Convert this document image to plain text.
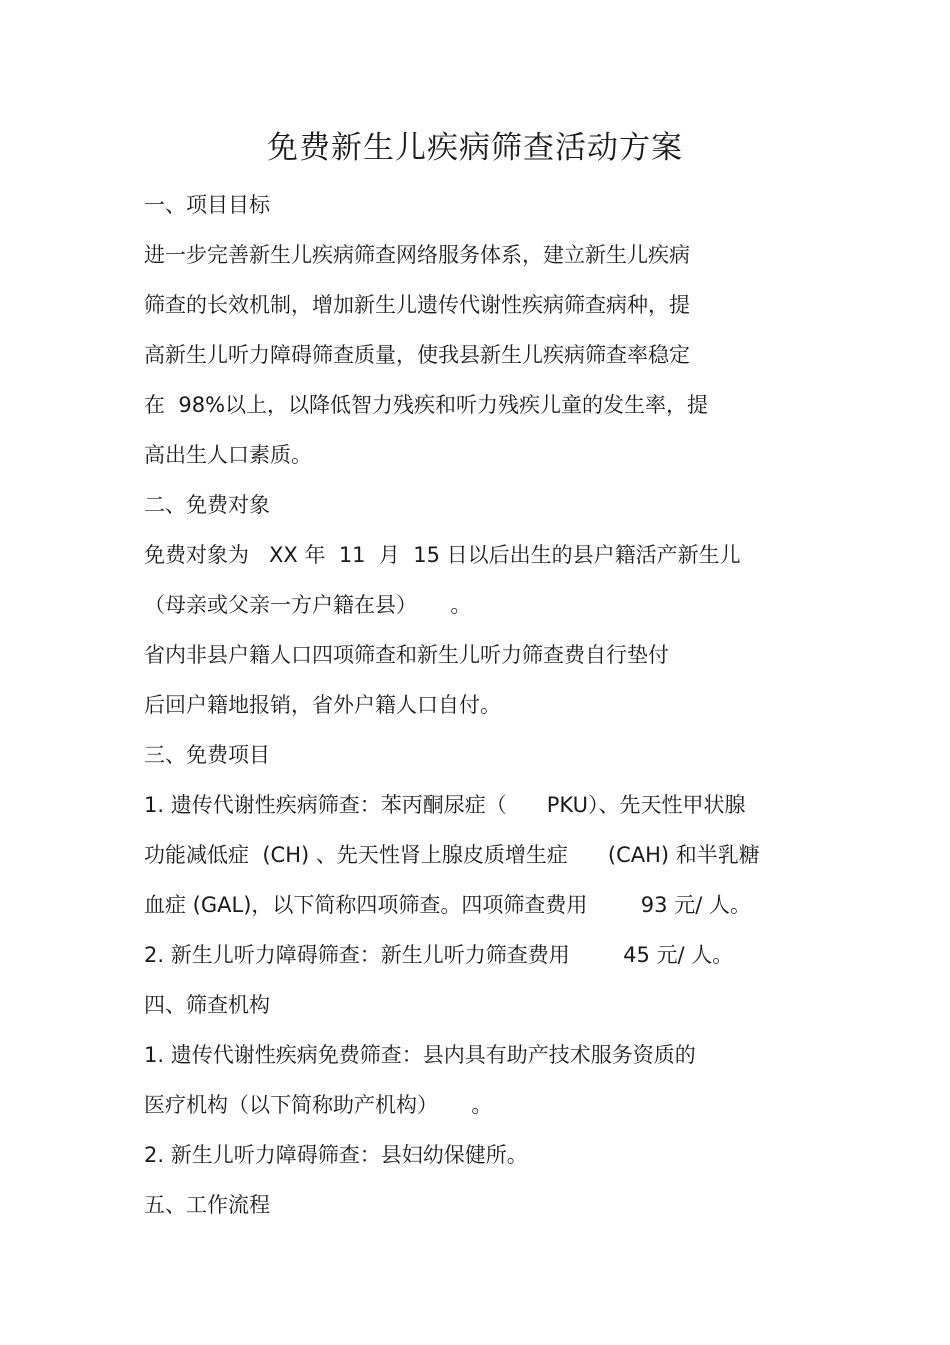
免费新生儿疾病筛查活动方案
一、项目目标
进一步完善新生儿疾病筛查网络服务体系，建立新生儿疾病
筛查的长效机制，增加新生儿遗传代谢性疾病筛查病种，提
高新生儿听力障碍筛查质量，使我县新生儿疾病筛查率稳定
在  98%以上，以降低智力残疾和听力残疾儿童的发生率，提
高出生人口素质。
二、免费对象
免费对象为   XX 年  11  月  15 日以后出生的县户籍活产新生儿
（母亲或父亲一方户籍在县）     。
省内非县户籍人口四项筛查和新生儿听力筛查费自行垫付
后回户籍地报销，省外户籍人口自付。
三、免费项目
1. 遗传代谢性疾病筛查：苯丙酮尿症（      PKU）、先天性甲状腺
功能减低症  (CH) 、先天性肾上腺皮质增生症      (CAH) 和半乳糖
血症 (GAL)，以下简称四项筛查。四项筛查费用        93 元/ 人。
2. 新生儿听力障碍筛查：新生儿听力筛查费用        45 元/ 人。
四、筛查机构
1. 遗传代谢性疾病免费筛查：县内具有助产技术服务资质的
医疗机构（以下简称助产机构）     。
2. 新生儿听力障碍筛查：县妇幼保健所。
五、工作流程
